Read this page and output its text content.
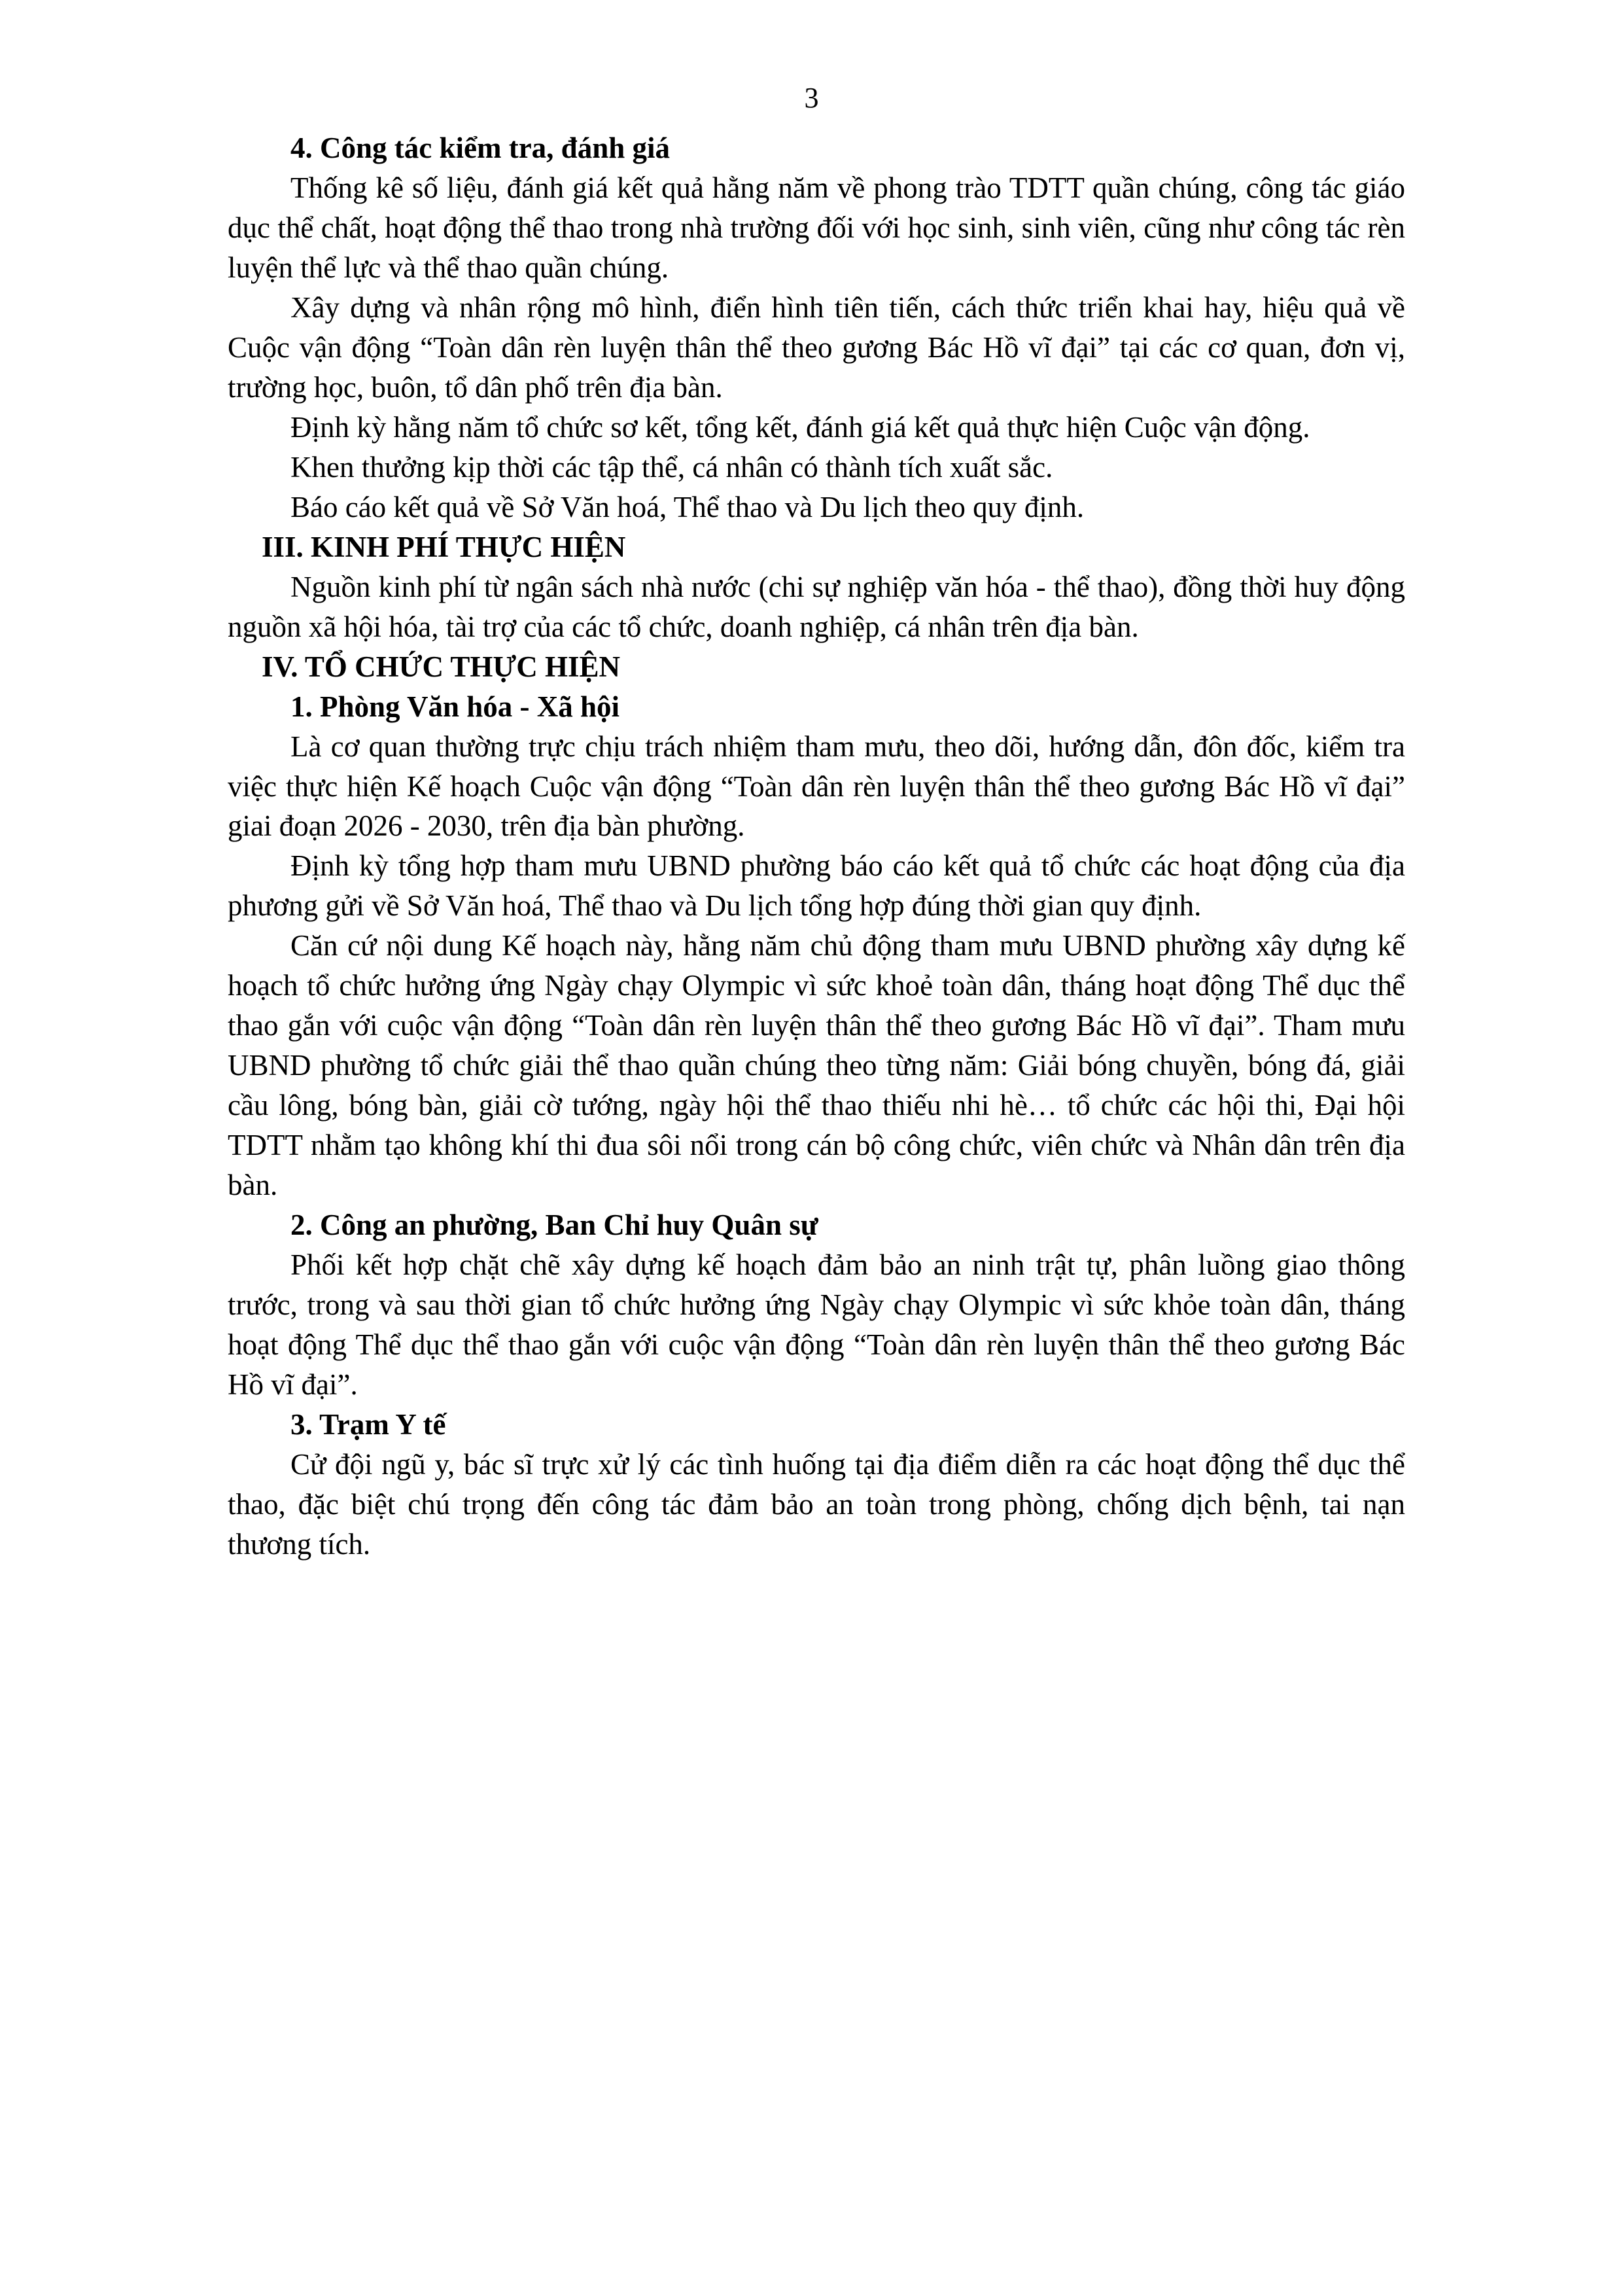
3

4. Công tác kiểm tra, đánh giá

Thống kê số liệu, đánh giá kết quả hằng năm về phong trào TDTT quần chúng, công tác giáo dục thể chất, hoạt động thể thao trong nhà trường đối với học sinh, sinh viên, cũng như công tác rèn luyện thể lực và thể thao quần chúng.

Xây dựng và nhân rộng mô hình, điển hình tiên tiến, cách thức triển khai hay, hiệu quả về Cuộc vận động “Toàn dân rèn luyện thân thể theo gương Bác Hồ vĩ đại” tại các cơ quan, đơn vị, trường học, buôn, tổ dân phố trên địa bàn.

Định kỳ hằng năm tổ chức sơ kết, tổng kết, đánh giá kết quả thực hiện Cuộc vận động.

Khen thưởng kịp thời các tập thể, cá nhân có thành tích xuất sắc.

Báo cáo kết quả về Sở Văn hoá, Thể thao và Du lịch theo quy định.

III. KINH PHÍ THỰC HIỆN

Nguồn kinh phí từ ngân sách nhà nước (chi sự nghiệp văn hóa - thể thao), đồng thời huy động nguồn xã hội hóa, tài trợ của các tổ chức, doanh nghiệp, cá nhân trên địa bàn.

IV. TỔ CHỨC THỰC HIỆN

1. Phòng Văn hóa - Xã hội

Là cơ quan thường trực chịu trách nhiệm tham mưu, theo dõi, hướng dẫn, đôn đốc, kiểm tra việc thực hiện Kế hoạch Cuộc vận động “Toàn dân rèn luyện thân thể theo gương Bác Hồ vĩ đại” giai đoạn 2026 - 2030, trên địa bàn phường.

Định kỳ tổng hợp tham mưu UBND phường báo cáo kết quả tổ chức các hoạt động của địa phương gửi về Sở Văn hoá, Thể thao và Du lịch tổng hợp đúng thời gian quy định.

Căn cứ nội dung Kế hoạch này, hằng năm chủ động tham mưu UBND phường xây dựng kế hoạch tổ chức hưởng ứng Ngày chạy Olympic vì sức khoẻ toàn dân, tháng hoạt động Thể dục thể thao gắn với cuộc vận động “Toàn dân rèn luyện thân thể theo gương Bác Hồ vĩ đại”. Tham mưu UBND phường tổ chức giải thể thao quần chúng theo từng năm: Giải bóng chuyền, bóng đá, giải cầu lông, bóng bàn, giải cờ tướng, ngày hội thể thao thiếu nhi hè… tổ chức các hội thi, Đại hội TDTT nhằm tạo không khí thi đua sôi nổi trong cán bộ công chức, viên chức và Nhân dân trên địa bàn.

2. Công an phường, Ban Chỉ huy Quân sự

Phối kết hợp chặt chẽ xây dựng kế hoạch đảm bảo an ninh trật tự, phân luồng giao thông trước, trong và sau thời gian tổ chức hưởng ứng Ngày chạy Olympic vì sức khỏe toàn dân, tháng hoạt động Thể dục thể thao gắn với cuộc vận động “Toàn dân rèn luyện thân thể theo gương Bác Hồ vĩ đại”.

3. Trạm Y tế

Cử đội ngũ y, bác sĩ trực xử lý các tình huống tại địa điểm diễn ra các hoạt động thể dục thể thao, đặc biệt chú trọng đến công tác đảm bảo an toàn trong phòng, chống dịch bệnh, tai nạn thương tích.
